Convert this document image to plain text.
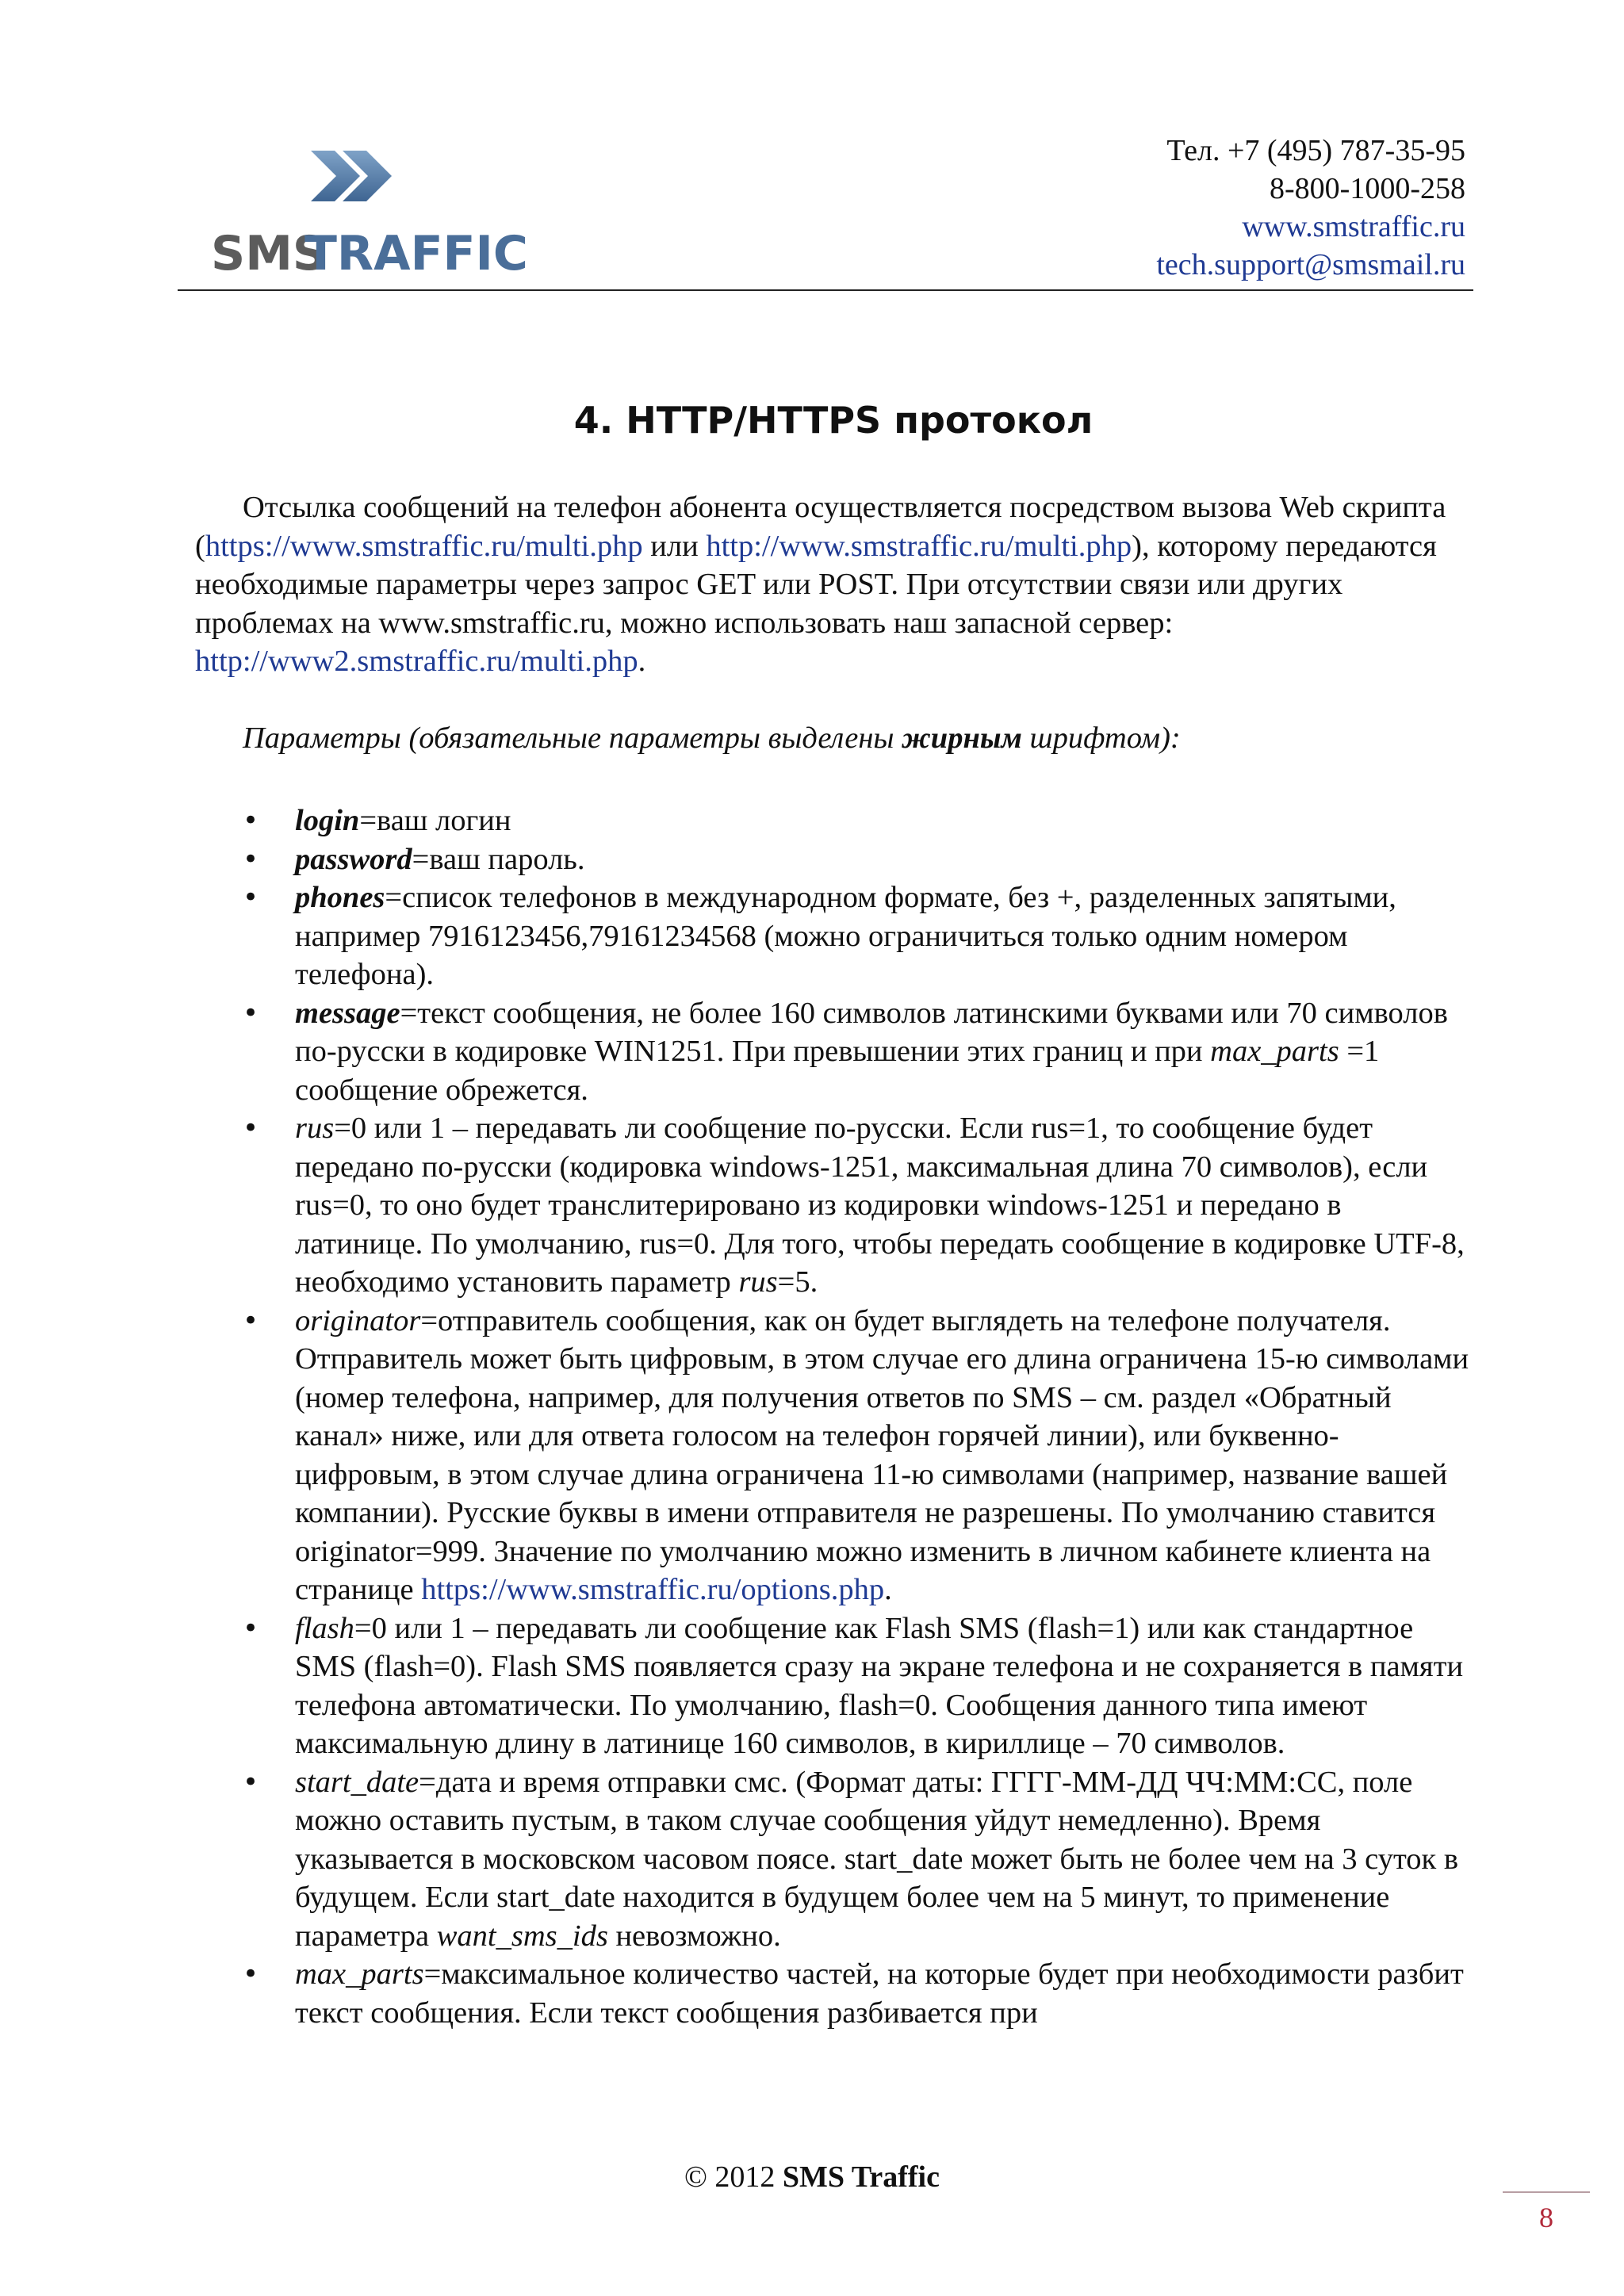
SMS
TRAFFIC
Тел. +7 (495) 787-35-95
8-800-1000-258
www.smstraffic.ru
tech.support@smsmail.ru
4. HTTP/HTTPS протокол

Отсылка сообщений на телефон абонента осуществляется посредством вызова Web скрипта (https://www.smstraffic.ru/multi.php или http://www.smstraffic.ru/multi.php), которому передаются необходимые параметры через запрос GET или POST. При отсутствии связи или других проблемах на www.smstraffic.ru, можно использовать наш запасной сервер: http://www2.smstraffic.ru/multi.php.

Параметры (обязательные параметры выделены жирным шрифтом):

• login=ваш логин
• password=ваш пароль.
• phones=список телефонов в международном формате, без +, разделенных запятыми, например 7916123456,79161234568 (можно ограничиться только одним номером телефона).
• message=текст сообщения, не более 160 символов латинскими буквами или 70 символов по-русски в кодировке WIN1251. При превышении этих границ и при max_parts =1 сообщение обрежется.
• rus=0 или 1 – передавать ли сообщение по-русски. Если rus=1, то сообщение будет передано по-русски (кодировка windows-1251, максимальная длина 70 символов), если rus=0, то оно будет транслитерировано из кодировки windows-1251 и передано в латинице. По умолчанию, rus=0. Для того, чтобы передать сообщение в кодировке UTF-8, необходимо установить параметр rus=5.
• originator=отправитель сообщения, как он будет выглядеть на телефоне получателя. Отправитель может быть цифровым, в этом случае его длина ограничена 15-ю символами (номер телефона, например, для получения ответов по SMS – см. раздел «Обратный канал» ниже, или для ответа голосом на телефон горячей линии), или буквенно-цифровым, в этом случае длина ограничена 11-ю символами (например, название вашей компании). Русские буквы в имени отправителя не разрешены. По умолчанию ставится originator=999. Значение по умолчанию можно изменить в личном кабинете клиента на странице https://www.smstraffic.ru/options.php.
• flash=0 или 1 – передавать ли сообщение как Flash SMS (flash=1) или как стандартное SMS (flash=0). Flash SMS появляется сразу на экране телефона и не сохраняется в памяти телефона автоматически. По умолчанию, flash=0. Сообщения данного типа имеют максимальную длину в латинице 160 символов, в кириллице – 70 символов.
• start_date=дата и время отправки смс. (Формат даты: ГГГГ-ММ-ДД ЧЧ:ММ:СС, поле можно оставить пустым, в таком случае сообщения уйдут немедленно). Время указывается в московском часовом поясе. start_date может быть не более чем на 3 суток в будущем. Если start_date находится в будущем более чем на 5 минут, то применение параметра want_sms_ids невозможно.
• max_parts=максимальное количество частей, на которые будет при необходимости разбит текст сообщения. Если текст сообщения разбивается при
© 2012 SMS Traffic
8
